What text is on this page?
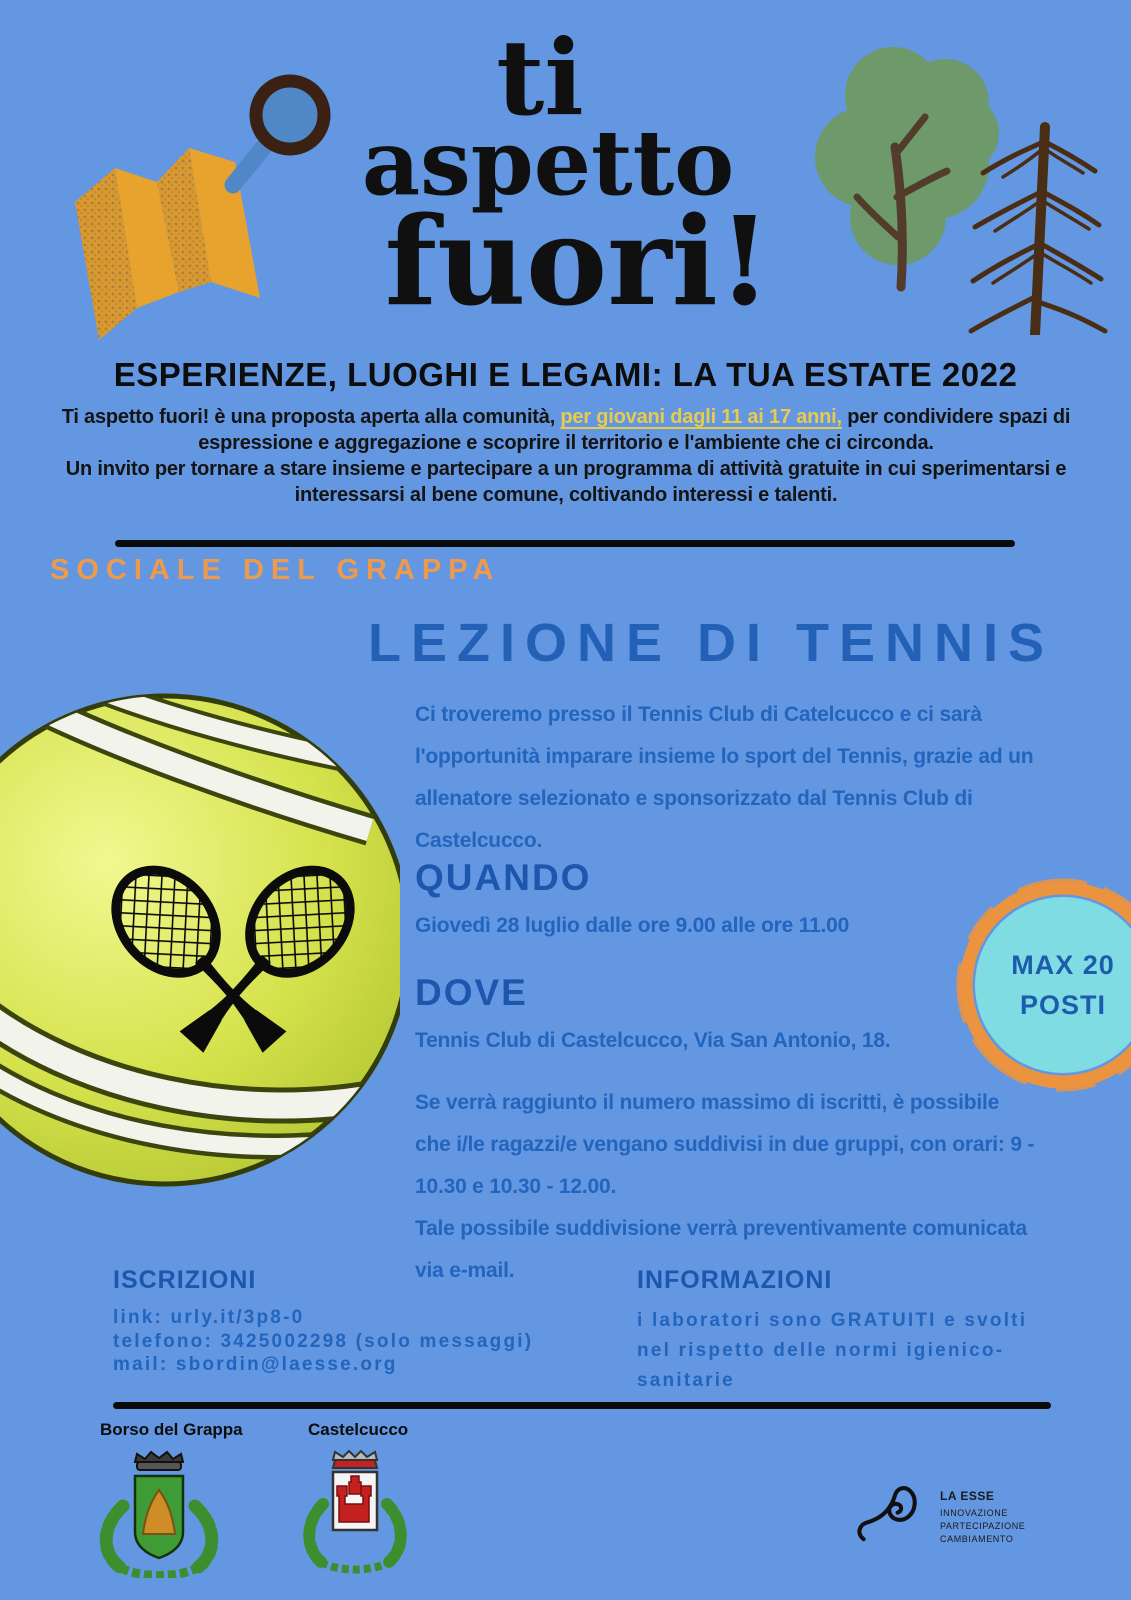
ti
aspetto
fuori!
ESPERIENZE, LUOGHI E LEGAMI: LA TUA ESTATE 2022
Ti aspetto fuori! è una proposta aperta alla comunità, per giovani dagli 11 ai 17 anni, per condividere spazi di espressione e aggregazione e scoprire il territorio e l'ambiente che ci circonda.
Un invito per tornare a stare insieme e partecipare a un programma di attività gratuite in cui sperimentarsi e interessarsi al bene comune, coltivando interessi e talenti.
SOCIALE DEL GRAPPA
LEZIONE DI TENNIS
Ci troveremo presso il Tennis Club di Catelcucco e ci sarà l'opportunità imparare insieme lo sport del Tennis, grazie ad un allenatore selezionato e sponsorizzato dal Tennis Club di Castelcucco.
QUANDO
Giovedì 28 luglio dalle ore 9.00 alle ore 11.00
DOVE
Tennis Club di Castelcucco, Via San Antonio, 18.
Se verrà raggiunto il numero massimo di iscritti, è possibile che i/le ragazzi/e vengano suddivisi in due gruppi, con orari: 9 - 10.30 e 10.30 - 12.00.
Tale possibile suddivisione verrà preventivamente comunicata via e-mail.
MAX 20
POSTI
ISCRIZIONI
link: urly.it/3p8-0
telefono: 3425002298 (solo messaggi)
mail: sbordin@laesse.org
INFORMAZIONI
i laboratori sono GRATUITI e svolti nel rispetto delle normi igienico-sanitarie
Borso del Grappa	Castelcucco
LA ESSE
INNOVAZIONE
PARTECIPAZIONE
CAMBIAMENTO
